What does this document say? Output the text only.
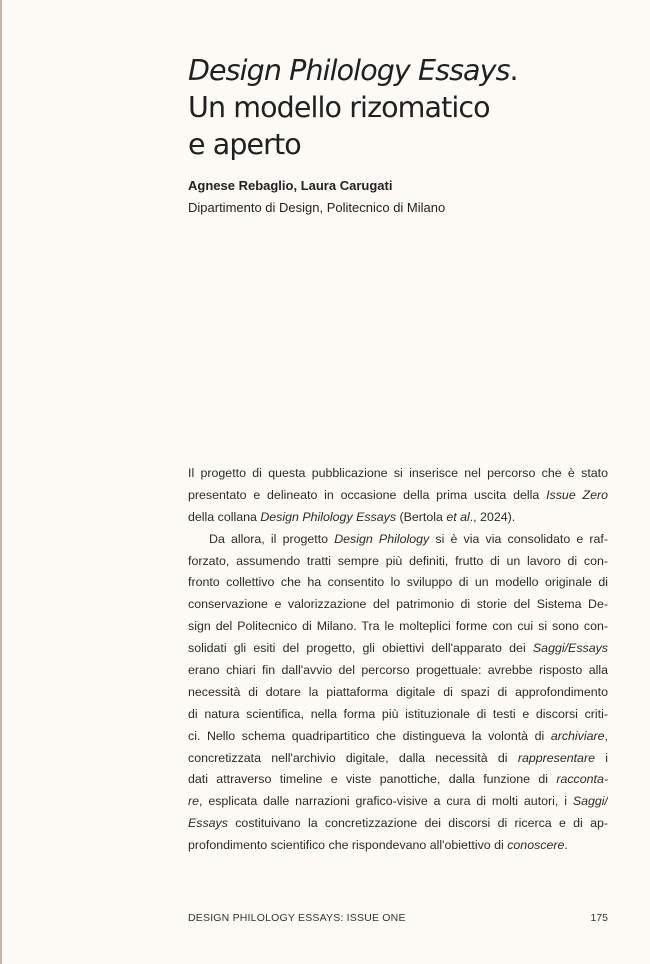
Design Philology Essays.
Un modello rizomatico
e aperto
Agnese Rebaglio, Laura Carugati
Dipartimento di Design, Politecnico di Milano
Il progetto di questa pubblicazione si inserisce nel percorso che è stato
presentato e delineato in occasione della prima uscita della Issue Zero
della collana Design Philology Essays (Bertola et al., 2024).
Da allora, il progetto Design Philology si è via via consolidato e raf-
forzato, assumendo tratti sempre più definiti, frutto di un lavoro di con-
fronto collettivo che ha consentito lo sviluppo di un modello originale di
conservazione e valorizzazione del patrimonio di storie del Sistema De-
sign del Politecnico di Milano. Tra le molteplici forme con cui si sono con-
solidati gli esiti del progetto, gli obiettivi dell'apparato dei Saggi/Essays
erano chiari fin dall'avvio del percorso progettuale: avrebbe risposto alla
necessità di dotare la piattaforma digitale di spazi di approfondimento
di natura scientifica, nella forma più istituzionale di testi e discorsi criti-
ci. Nello schema quadripartitico che distingueva la volontà di archiviare,
concretizzata nell'archivio digitale, dalla necessità di rappresentare i
dati attraverso timeline e viste panottiche, dalla funzione di racconta-
re, esplicata dalle narrazioni grafico-visive a cura di molti autori, i Saggi/
Essays costituivano la concretizzazione dei discorsi di ricerca e di ap-
profondimento scientifico che rispondevano all'obiettivo di conoscere.
DESIGN PHILOLOGY ESSAYS: ISSUE ONE	175
